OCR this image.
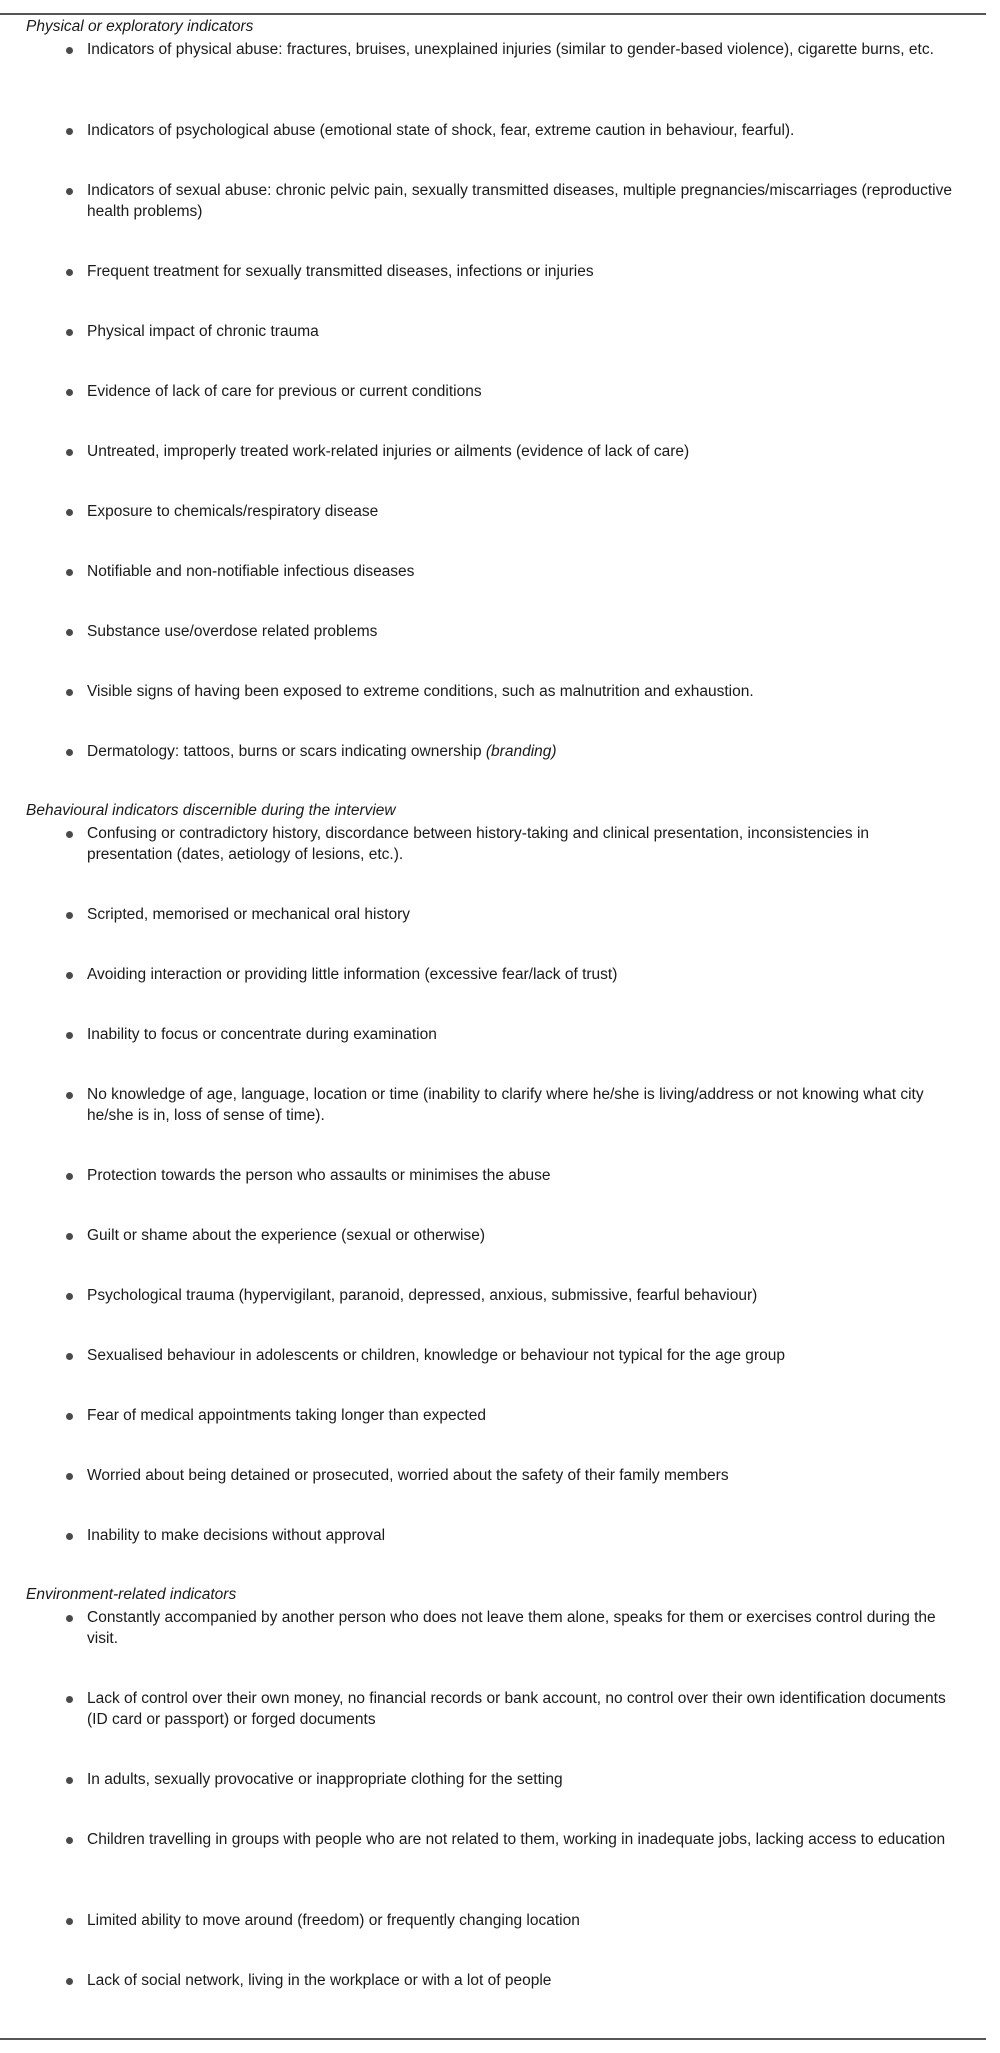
Physical or exploratory indicators
Indicators of physical abuse: fractures, bruises, unexplained injuries (similar to gender-based violence), cigarette burns, etc.
Indicators of psychological abuse (emotional state of shock, fear, extreme caution in behaviour, fearful).
Indicators of sexual abuse: chronic pelvic pain, sexually transmitted diseases, multiple pregnancies/miscarriages (reproductive health problems)
Frequent treatment for sexually transmitted diseases, infections or injuries
Physical impact of chronic trauma
Evidence of lack of care for previous or current conditions
Untreated, improperly treated work-related injuries or ailments (evidence of lack of care)
Exposure to chemicals/respiratory disease
Notifiable and non-notifiable infectious diseases
Substance use/overdose related problems
Visible signs of having been exposed to extreme conditions, such as malnutrition and exhaustion.
Dermatology: tattoos, burns or scars indicating ownership (branding)
Behavioural indicators discernible during the interview
Confusing or contradictory history, discordance between history-taking and clinical presentation, inconsistencies in presentation (dates, aetiology of lesions, etc.).
Scripted, memorised or mechanical oral history
Avoiding interaction or providing little information (excessive fear/lack of trust)
Inability to focus or concentrate during examination
No knowledge of age, language, location or time (inability to clarify where he/she is living/address or not knowing what city he/she is in, loss of sense of time).
Protection towards the person who assaults or minimises the abuse
Guilt or shame about the experience (sexual or otherwise)
Psychological trauma (hypervigilant, paranoid, depressed, anxious, submissive, fearful behaviour)
Sexualised behaviour in adolescents or children, knowledge or behaviour not typical for the age group
Fear of medical appointments taking longer than expected
Worried about being detained or prosecuted, worried about the safety of their family members
Inability to make decisions without approval
Environment-related indicators
Constantly accompanied by another person who does not leave them alone, speaks for them or exercises control during the visit.
Lack of control over their own money, no financial records or bank account, no control over their own identification documents (ID card or passport) or forged documents
In adults, sexually provocative or inappropriate clothing for the setting
Children travelling in groups with people who are not related to them, working in inadequate jobs, lacking access to education
Limited ability to move around (freedom) or frequently changing location
Lack of social network, living in the workplace or with a lot of people
